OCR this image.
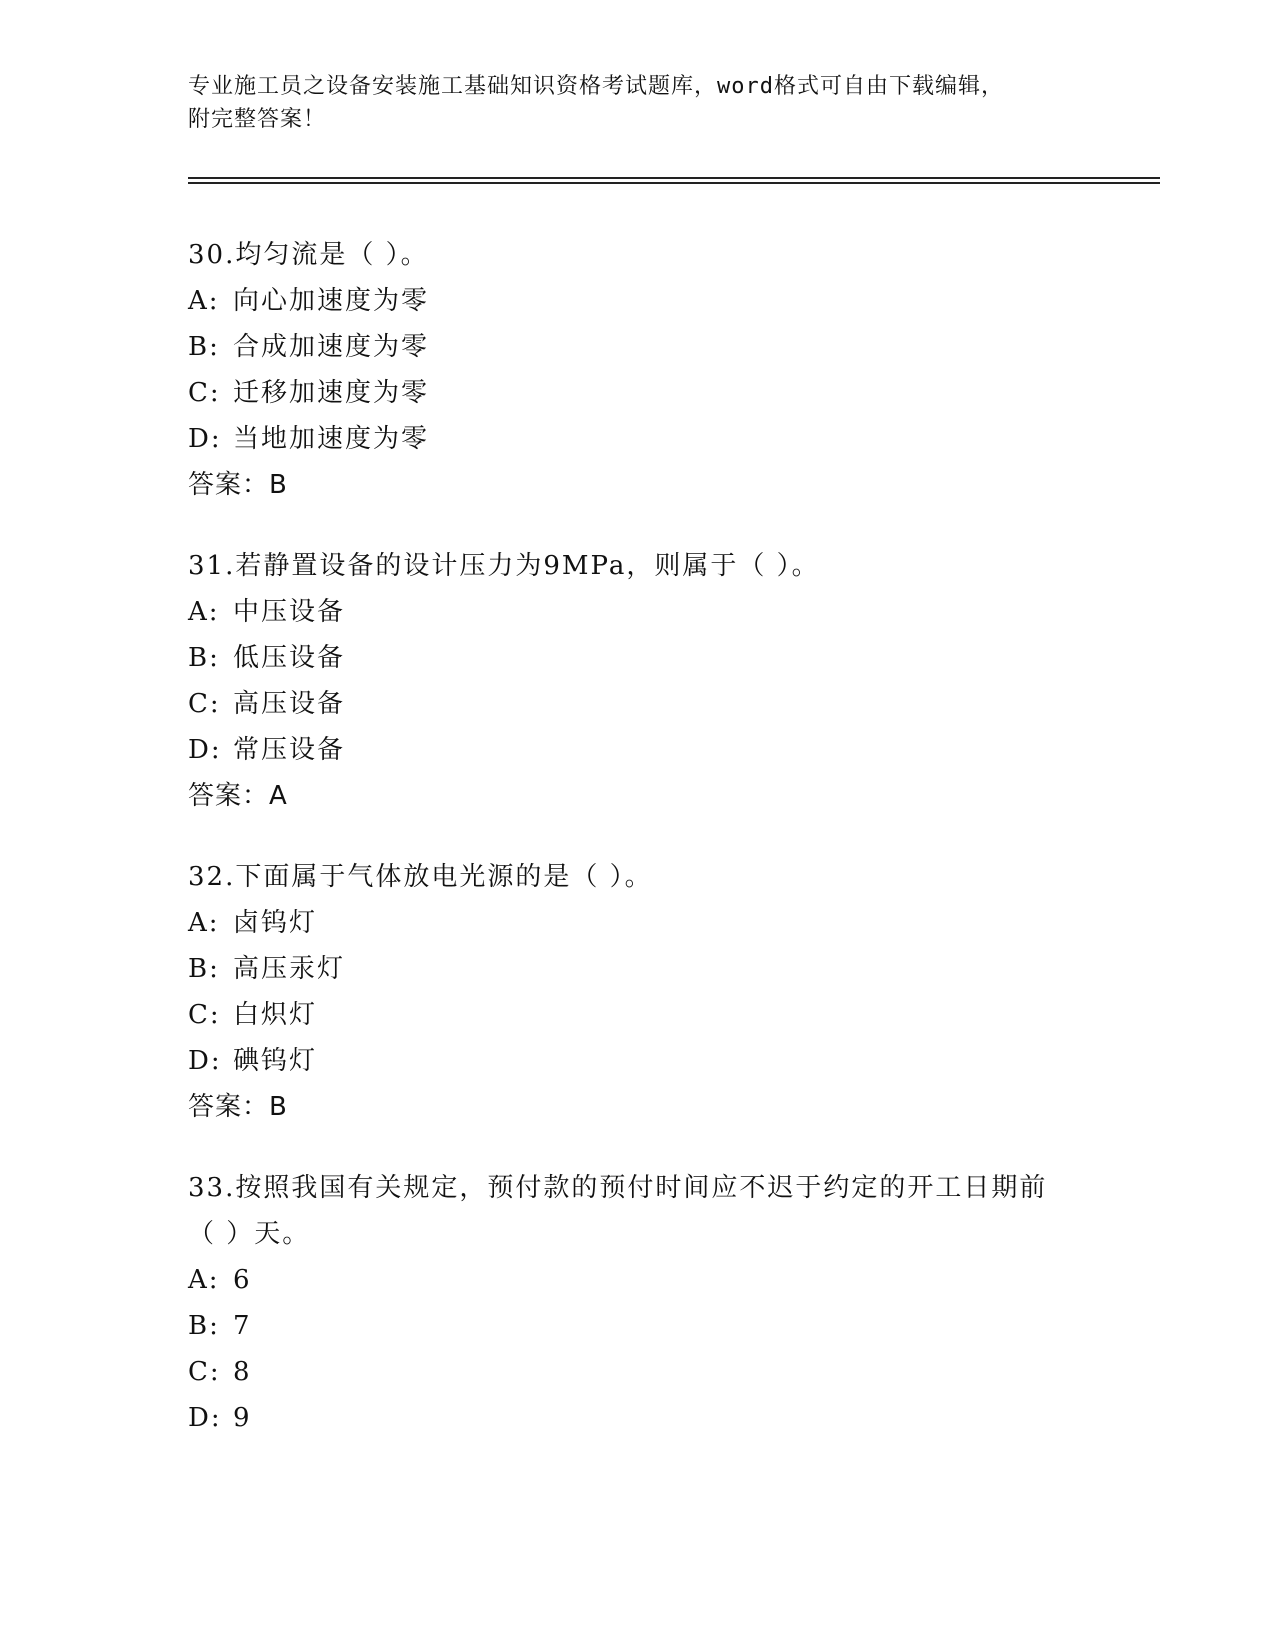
专业施工员之设备安装施工基础知识资格考试题库，word格式可自由下载编辑，
附完整答案！
30.均匀流是（ ）。
A: 向心加速度为零
B: 合成加速度为零
C: 迁移加速度为零
D: 当地加速度为零
答案：B
31.若静置设备的设计压力为9MPa，则属于（ ）。
A: 中压设备
B: 低压设备
C: 高压设备
D: 常压设备
答案：A
32.下面属于气体放电光源的是（ ）。
A: 卤钨灯
B: 高压汞灯
C: 白炽灯
D: 碘钨灯
答案：B
33.按照我国有关规定，预付款的预付时间应不迟于约定的开工日期前
（ ）天。
A: 6
B: 7
C: 8
D: 9
